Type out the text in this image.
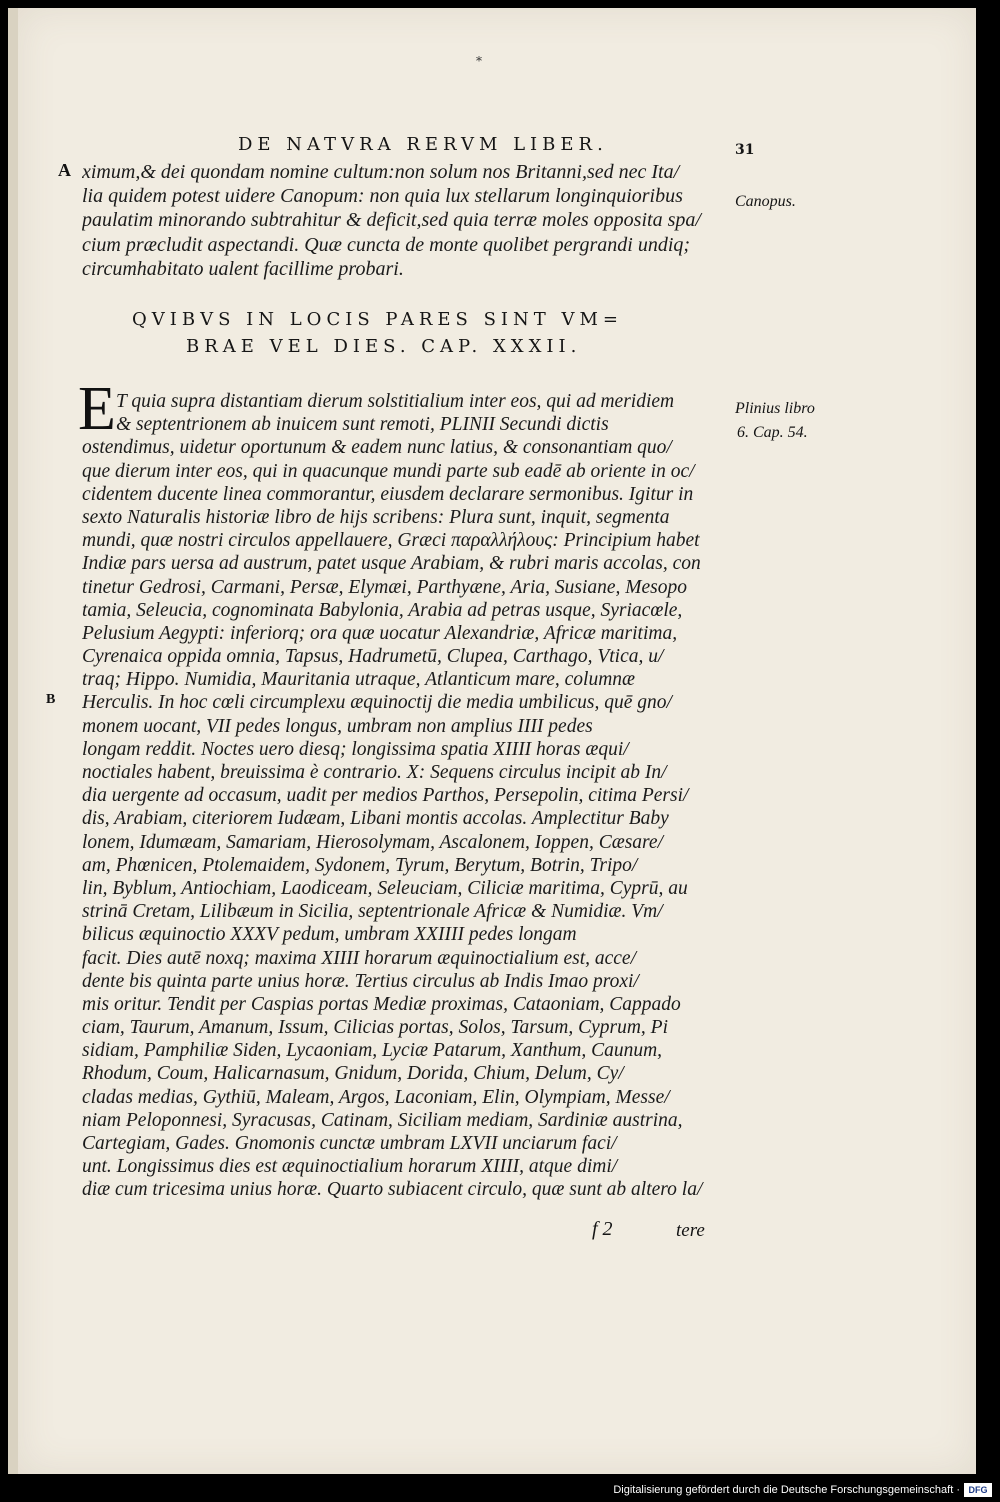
*
DE NATVRA RERVM LIBER.	31
A
B
Canopus.
Plinius libro
6. Cap. 54.
ximum,& dei quondam nomine cultum:non solum nos Britanni,sed nec Ita/
lia quidem potest uidere Canopum: non quia lux stellarum longinquioribus
paulatim minorando subtrahitur & deficit,sed quia terræ moles opposita spa/
cium præcludit aspectandi. Quæ cuncta de monte quolibet pergrandi undiq;
circumhabitato ualent facillime probari.
QVIBVS IN LOCIS PARES SINT VM=
BRAE VEL DIES. CAP. XXXII.
E T quia supra distantiam dierum solstitialium inter eos, qui ad meridiem
& septentrionem ab inuicem sunt remoti, PLINII Secundi dictis
ostendimus, uidetur oportunum & eadem nunc latius, & consonantiam quo/
que dierum inter eos, qui in quacunque mundi parte sub eadē ab oriente in oc/
cidentem ducente linea commorantur, eiusdem declarare sermonibus. Igitur in
sexto Naturalis historiæ libro de hijs scribens: Plura sunt, inquit, segmenta
mundi, quæ nostri circulos appellauere, Græci παραλλήλους: Principium habet
Indiæ pars uersa ad austrum, patet usque Arabiam, & rubri maris accolas, con
tinetur Gedrosi, Carmani, Persæ, Elymæi, Parthyæne, Aria, Susiane, Mesopo
tamia, Seleucia, cognominata Babylonia, Arabia ad petras usque, Syriacœle,
Pelusium Aegypti: inferiorq; ora quæ uocatur Alexandriæ, Africæ maritima,
Cyrenaica oppida omnia, Tapsus, Hadrumetū, Clupea, Carthago, Vtica, u/
traq; Hippo. Numidia, Mauritania utraque, Atlanticum mare, columnæ
Herculis. In hoc cœli circumplexu æquinoctij die media umbilicus, quē gno/
monem uocant, VII pedes longus, umbram non amplius IIII pedes
longam reddit. Noctes uero diesq; longissima spatia XIIII horas æqui/
noctiales habent, breuissima è contrario. X: Sequens circulus incipit ab In/
dia uergente ad occasum, uadit per medios Parthos, Persepolin, citima Persi/
dis, Arabiam, citeriorem Iudæam, Libani montis accolas. Amplectitur Baby
lonem, Idumæam, Samariam, Hierosolymam, Ascalonem, Ioppen, Cæsare/
am, Phœnicen, Ptolemaidem, Sydonem, Tyrum, Berytum, Botrin, Tripo/
lin, Byblum, Antiochiam, Laodiceam, Seleuciam, Ciliciæ maritima, Cyprū, au
strinā Cretam, Lilibæum in Sicilia, septentrionale Africæ & Numidiæ. Vm/
bilicus æquinoctio XXXV pedum, umbram XXIIII pedes longam
facit. Dies autē noxq; maxima XIIII horarum æquinoctialium est, acce/
dente bis quinta parte unius horæ. Tertius circulus ab Indis Imao proxi/
mis oritur. Tendit per Caspias portas Mediæ proximas, Cataoniam, Cappado
ciam, Taurum, Amanum, Issum, Cilicias portas, Solos, Tarsum, Cyprum, Pi
sidiam, Pamphiliæ Siden, Lycaoniam, Lyciæ Patarum, Xanthum, Caunum,
Rhodum, Coum, Halicarnasum, Gnidum, Dorida, Chium, Delum, Cy/
cladas medias, Gythiū, Maleam, Argos, Laconiam, Elin, Olympiam, Messe/
niam Peloponnesi, Syracusas, Catinam, Siciliam mediam, Sardiniæ austrina,
Cartegiam, Gades. Gnomonis cunctæ umbram LXVII unciarum faci/
unt. Longissimus dies est æquinoctialium horarum XIIII, atque dimi/
diæ cum tricesima unius horæ. Quarto subiacent circulo, quæ sunt ab altero la/
f 2	tere
Digitalisierung gefördert durch die Deutsche Forschungsgemeinschaft · DFG
